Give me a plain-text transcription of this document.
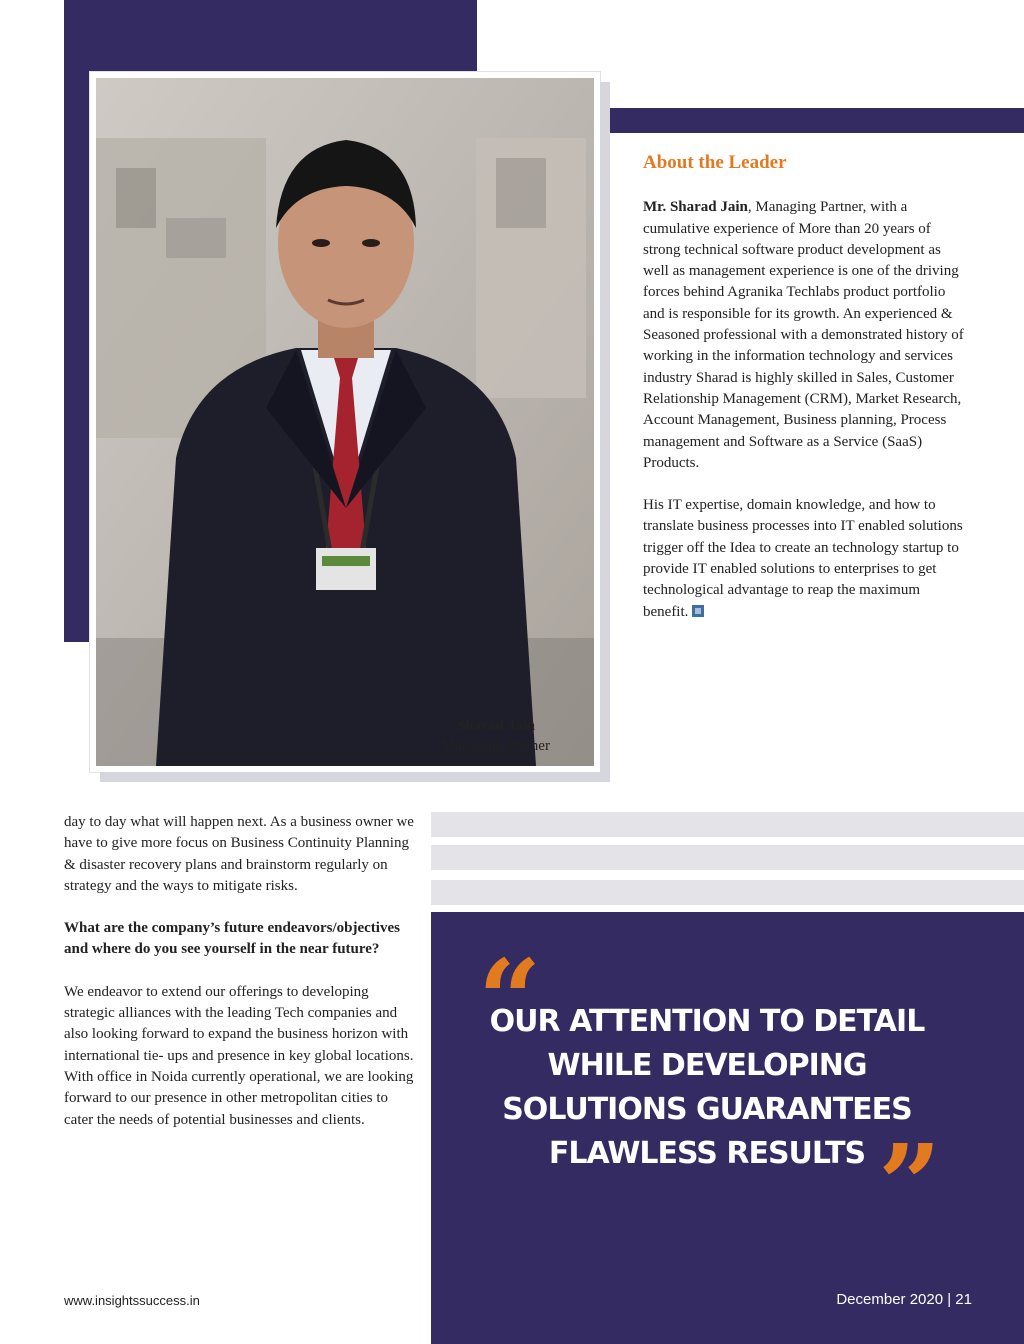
Sharad Jain
Managing Partner
About the Leader

Mr. Sharad Jain, Managing Partner, with a cumulative experience of More than 20 years of strong technical software product development as well as management experience is one of the driving forces behind Agranika Techlabs product portfolio and is responsible for its growth. An experienced & Seasoned professional with a demonstrated history of working in the information technology and services industry Sharad is highly skilled in Sales, Customer Relationship Management (CRM), Market Research, Account Management, Business planning, Process management and Software as a Service (SaaS) Products.

His IT expertise, domain knowledge, and how to translate business processes into IT enabled solutions trigger off the Idea to create an technology startup to provide IT enabled solutions to enterprises to get technological advantage to reap the maximum benefit.

day to day what will happen next. As a business owner we have to give more focus on Business Continuity Planning & disaster recovery plans and brainstorm regularly on strategy and the ways to mitigate risks.

What are the company’s future endeavors/objectives and where do you see yourself in the near future?

We endeavor to extend our offerings to developing strategic alliances with the leading Tech companies and also looking forward to expand the business horizon with international tie- ups and presence in key global locations. With office in Noida currently operational, we are looking forward to our presence in other metropolitan cities to cater the needs of potential businesses and clients.

“
OUR ATTENTION TO DETAIL WHILE DEVELOPING SOLUTIONS GUARANTEES FLAWLESS RESULTS ”
www.insightssuccess.in	December 2020 | 21
